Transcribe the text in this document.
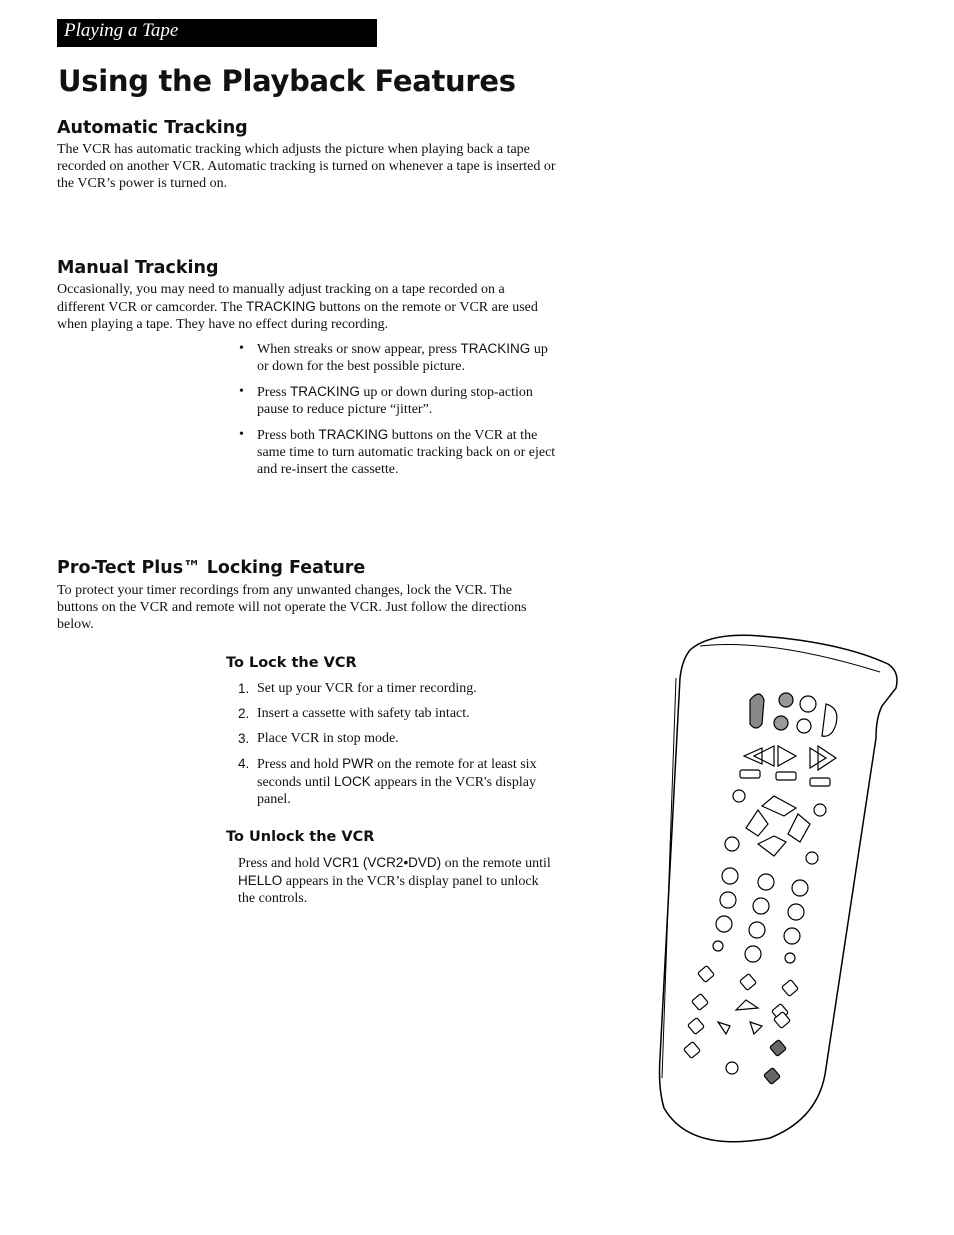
Playing a Tape
Using the Playback Features
Automatic Tracking

The VCR has automatic tracking which adjusts the picture when playing back a tape recorded on another VCR. Automatic tracking is turned on whenever a tape is inserted or the VCR’s power is turned on.

Manual Tracking

Occasionally, you may need to manually adjust tracking on a tape recorded on a different VCR or camcorder. The TRACKING buttons on the remote or VCR are used when playing a tape. They have no effect during recording.

• When streaks or snow appear, press TRACKING up or down for the best possible picture.
• Press TRACKING up or down during stop-action pause to reduce picture “jitter”.
• Press both TRACKING buttons on the VCR at the same time to turn automatic tracking back on or eject and re-insert the cassette.
Pro-Tect Plus™ Locking Feature

To protect your timer recordings from any unwanted changes, lock the VCR. The buttons on the VCR and remote will not operate the VCR. Just follow the directions below.

To Lock the VCR
1. Set up your VCR for a timer recording.
2. Insert a cassette with safety tab intact.
3. Place VCR in stop mode.
4. Press and hold PWR on the remote for at least six seconds until LOCK appears in the VCR's display panel.
To Unlock the VCR

Press and hold VCR1 (VCR2•DVD) on the remote until HELLO appears in the VCR’s display panel to unlock the controls.
